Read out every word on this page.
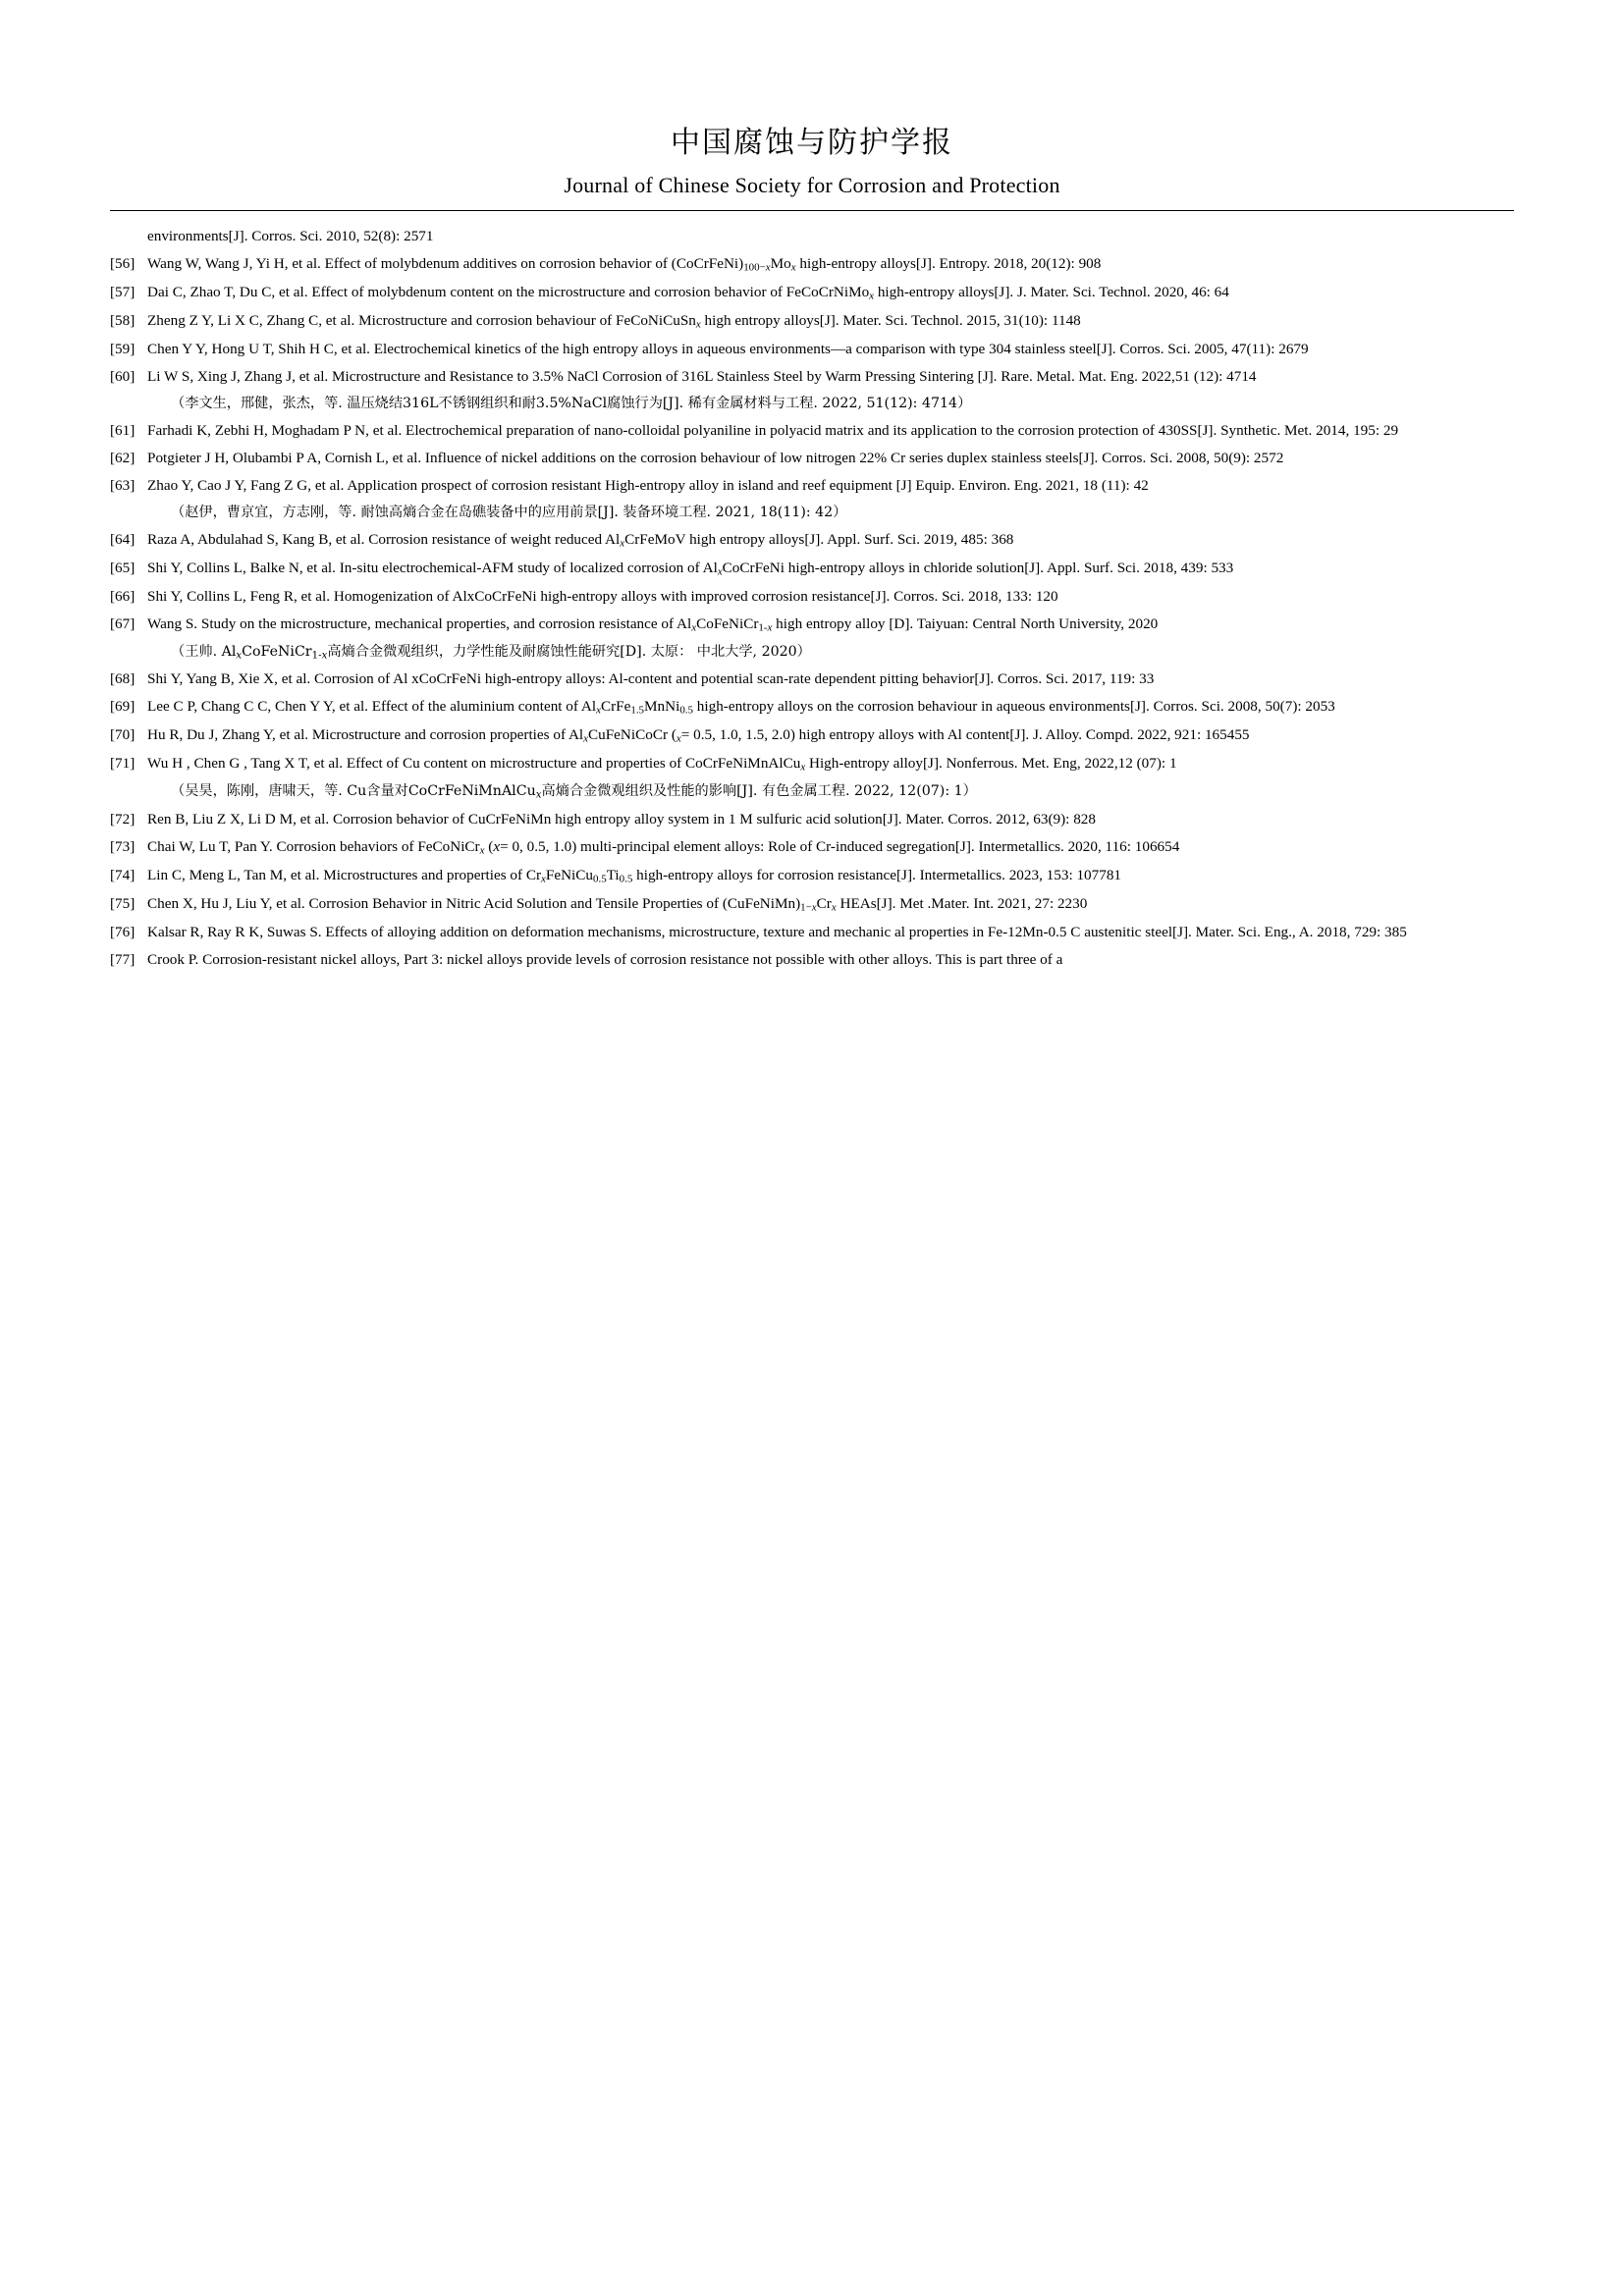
中国腐蚀与防护学报
Journal of Chinese Society for Corrosion and Protection
environments[J]. Corros. Sci. 2010, 52(8): 2571
[56] Wang W, Wang J, Yi H, et al. Effect of molybdenum additives on corrosion behavior of $(CoCrFeNi)_{100-x}Mo_x$ high-entropy alloys[J]. Entropy. 2018, 20(12): 908
[57] Dai C, Zhao T, Du C, et al. Effect of molybdenum content on the microstructure and corrosion behavior of FeCoCrNiMo$_x$ high-entropy alloys[J]. J. Mater. Sci. Technol. 2020, 46: 64
[58] Zheng Z Y, Li X C, Zhang C, et al. Microstructure and corrosion behaviour of FeCoNiCuSn$_x$ high entropy alloys[J]. Mater. Sci. Technol. 2015, 31(10): 1148
[59] Chen Y Y, Hong U T, Shih H C, et al. Electrochemical kinetics of the high entropy alloys in aqueous environments—a comparison with type 304 stainless steel[J]. Corros. Sci. 2005, 47(11): 2679
[60] Li W S, Xing J, Zhang J, et al. Microstructure and Resistance to 3.5% NaCl Corrosion of 316L Stainless Steel by Warm Pressing Sintering [J]. Rare. Metal. Mat. Eng. 2022,51 (12): 4714
（李文生，邢健，张杰，等. 温压烧结316L不锈钢组织和耐3.5%NaCl腐蚀行为[J]. 稀有金属材料与工程. 2022, 51(12): 4714）
[61] Farhadi K, Zebhi H, Moghadam P N, et al. Electrochemical preparation of nano-colloidal polyaniline in polyacid matrix and its application to the corrosion protection of 430SS[J]. Synthetic. Met. 2014, 195: 29
[62] Potgieter J H, Olubambi P A, Cornish L, et al. Influence of nickel additions on the corrosion behaviour of low nitrogen 22% Cr series duplex stainless steels[J]. Corros. Sci. 2008, 50(9): 2572
[63] Zhao Y, Cao J Y, Fang Z G, et al. Application prospect of corrosion resistant High-entropy alloy in island and reef equipment [J] Equip. Environ. Eng. 2021, 18 (11): 42
（赵伊，曹京宜，方志刚，等. 耐蚀高熵合金在岛礁装备中的应用前景[J]. 装备环境工程. 2021, 18(11): 42）
[64] Raza A, Abdulahad S, Kang B, et al. Corrosion resistance of weight reduced $Al_xCrFeMoV$ high entropy alloys[J]. Appl. Surf. Sci. 2019, 485: 368
[65] Shi Y, Collins L, Balke N, et al. In-situ electrochemical-AFM study of localized corrosion of $Al_xCoCrFeNi$ high-entropy alloys in chloride solution[J]. Appl. Surf. Sci. 2018, 439: 533
[66] Shi Y, Collins L, Feng R, et al. Homogenization of AlxCoCrFeNi high-entropy alloys with improved corrosion resistance[J]. Corros. Sci. 2018, 133: 120
[67] Wang S. Study on the microstructure, mechanical properties, and corrosion resistance of $Al_xCoFeNiCr_{1-x}$ high entropy alloy [D]. Taiyuan: Central North University, 2020
（王帅. $Al_xCoFeNiCr_{1-x}$高熵合金微观组织，力学性能及耐腐蚀性能研究[D]. 太原： 中北大学, 2020）
[68] Shi Y, Yang B, Xie X, et al. Corrosion of Al xCoCrFeNi high-entropy alloys: Al-content and potential scan-rate dependent pitting behavior[J]. Corros. Sci. 2017, 119: 33
[69] Lee C P, Chang C C, Chen Y Y, et al. Effect of the aluminium content of $Al_xCrFe_{1.5}MnNi_{0.5}$ high-entropy alloys on the corrosion behaviour in aqueous environments[J]. Corros. Sci. 2008, 50(7): 2053
[70] Hu R, Du J, Zhang Y, et al. Microstructure and corrosion properties of $Al_xCuFeNiCoCr$ ($_x= 0.5$, 1.0, 1.5, 2.0) high entropy alloys with Al content[J]. J. Alloy. Compd. 2022, 921: 165455
[71] Wu H , Chen G , Tang X T, et al. Effect of Cu content on microstructure and properties of CoCrFeNiMnAlCu$_x$ High-entropy alloy[J]. Nonferrous. Met. Eng, 2022,12 (07): 1
（吴昊，陈刚，唐啸天，等. Cu含量对CoCrFeNiMnAlCu$_x$高熵合金微观组织及性能的影响[J]. 有色金属工程. 2022, 12(07): 1）
[72] Ren B, Liu Z X, Li D M, et al. Corrosion behavior of CuCrFeNiMn high entropy alloy system in 1 M sulfuric acid solution[J]. Mater. Corros. 2012, 63(9): 828
[73] Chai W, Lu T, Pan Y. Corrosion behaviors of FeCoNiCr$_x$ (x= 0, 0.5, 1.0) multi-principal element alloys: Role of Cr-induced segregation[J]. Intermetallics. 2020, 116: 106654
[74] Lin C, Meng L, Tan M, et al. Microstructures and properties of $Cr_xFeNiCu_{0.5}Ti_{0.5}$ high-entropy alloys for corrosion resistance[J]. Intermetallics. 2023, 153: 107781
[75] Chen X, Hu J, Liu Y, et al. Corrosion Behavior in Nitric Acid Solution and Tensile Properties of $(CuFeNiMn)_{1-x}Cr_x$ HEAs[J]. Met .Mater. Int. 2021, 27: 2230
[76] Kalsar R, Ray R K, Suwas S. Effects of alloying addition on deformation mechanisms, microstructure, texture and mechanic al properties in Fe-12Mn-0.5 C austenitic steel[J]. Mater. Sci. Eng., A. 2018, 729: 385
[77] Crook P. Corrosion-resistant nickel alloys, Part 3: nickel alloys provide levels of corrosion resistance not possible with other alloys. This is part three of a
